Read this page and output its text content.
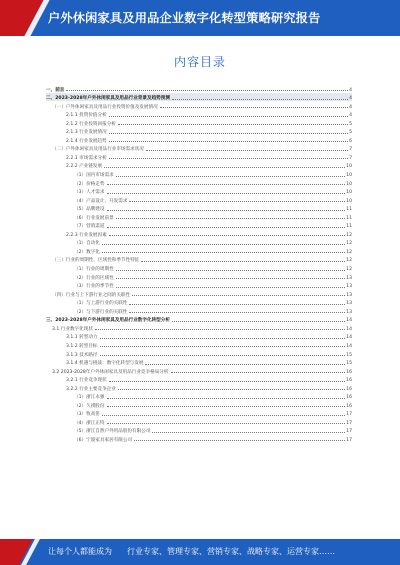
户外休闲家具及用品企业数字化转型策略研究报告
内容目录
一、前言	4
二、2023-2028年户外休闲家具及用品行业背景及趋势预测	4
（一）户外休闲家具及用品行业投资价值及发展情况	4
2.1.1 投资价值分析	4
2.1.2 行业投资回报分析	5
2.1.3 行业发展情况	5
2.1.4 行业发展趋势	6
（二）户外休闲家具及用品行业市场需求状况	7
2.2.1 市场需求分析	7
2.2.2 产业链发展	10
（1）国内市场需求	10
（2）价格走势	10
（3）人才需求	10
（4）产品设计、开发需求	10
（5）品牌建设	11
（6）行业发展前景	11
（7）营销渠道	11
2.2.3 行业发展因素	12
（1）自动化	12
（2）数字化	12
（三）行业的周期性、区域性和季节性特征	12
（1）行业的周期性	12
（2）行业的区域性	13
（3）行业的季节性	13
（四）行业与上下游行业之间的关联性	13
（1）与上游行业的关联性	13
（2）与下游行业的关联性	13
三、2023-2028年户外休闲家具及用品行业数字化转型分析	14
3.1 行业数字化现状	14
3.1.1 转型动力	14
3.1.2 转型目标	14
3.1.3 技术路径	15
3.1.4 机遇与挑战：数字化转型与发展	15
3.2 2023-2028年户外休闲家具及用品行业竞争格局分析	16
3.2.1 行业竞争现状	16
3.2.2 行业主要竞争企业	16
（1）浙江永强	16
（2）久祺股份	16
（3）牧高笛	17
（4）浙江正特	17
（5）浙江自然户外用品股份有限公司	17
（6）宁波家具家居有限公司	17
让每个人都能成为 行业专家、管理专家、营销专家、战略专家、运营专家……
